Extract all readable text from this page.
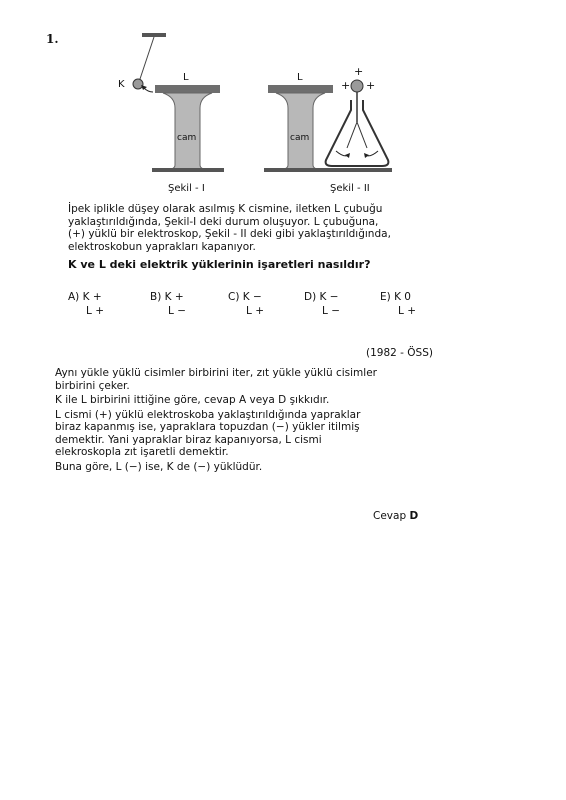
1.
K
L
cam
L
cam
+
+ +
Şekil - I	Şekil - II
İpek iplikle düşey olarak asılmış K cismine, iletken L çubuğu
yaklaştırıldığında, Şekil-I deki durum oluşuyor. L çubuğuna,
(+) yüklü bir elektroskop, Şekil - II deki gibi yaklaştırıldığında,
elektroskobun yaprakları kapanıyor.
K ve L deki elektrik yüklerinin işaretleri nasıldır?
A) K +
L +
B) K +
L −
C) K −
L +
D) K −
L −
E) K 0
L +
(1982 - ÖSS)

Aynı yükle yüklü cisimler birbirini iter, zıt yükle yüklü cisimler
birbirini çeker.

K ile L birbirini ittiğine göre, cevap A veya D şıkkıdır.

L cismi (+) yüklü elektroskoba yaklaştırıldığında yapraklar
biraz kapanmış ise, yapraklara topuzdan (−) yükler itilmiş
demektir. Yani yapraklar biraz kapanıyorsa, L cismi
elekroskopla zıt işaretli demektir.

Buna göre, L (−) ise, K de (−) yüklüdür.

Cevap D
